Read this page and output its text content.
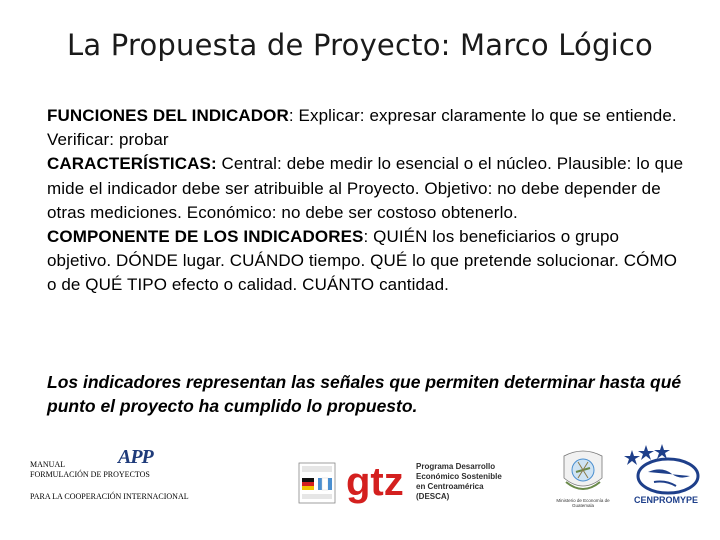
La Propuesta de Proyecto: Marco Lógico

FUNCIONES DEL INDICADOR: Explicar: expresar claramente lo que se entiende. Verificar: probar

CARACTERÍSTICAS: Central: debe medir lo esencial o el núcleo. Plausible: lo que mide el indicador debe ser atribuible al Proyecto. Objetivo: no debe depender de otras mediciones. Económico: no debe ser costoso obtenerlo.

COMPONENTE DE LOS INDICADORES: QUIÉN los beneficiarios o grupo objetivo. DÓNDE lugar. CUÁNDO tiempo. QUÉ lo que pretende solucionar. CÓMO o de QUÉ TIPO efecto o calidad. CUÁNTO cantidad.

Los indicadores representan las señales que permiten determinar hasta qué punto el proyecto ha cumplido lo propuesto.
MANUAL
FORMULACIÓN DE PROYECTOS
APP
PARA LA COOPERACIÓN INTERNACIONAL	gtz Programa Desarrollo
Económico Sostenible
en Centroamérica
(DESCA)	Ministerio de Economía de Guatemala
CENPROMYPE
